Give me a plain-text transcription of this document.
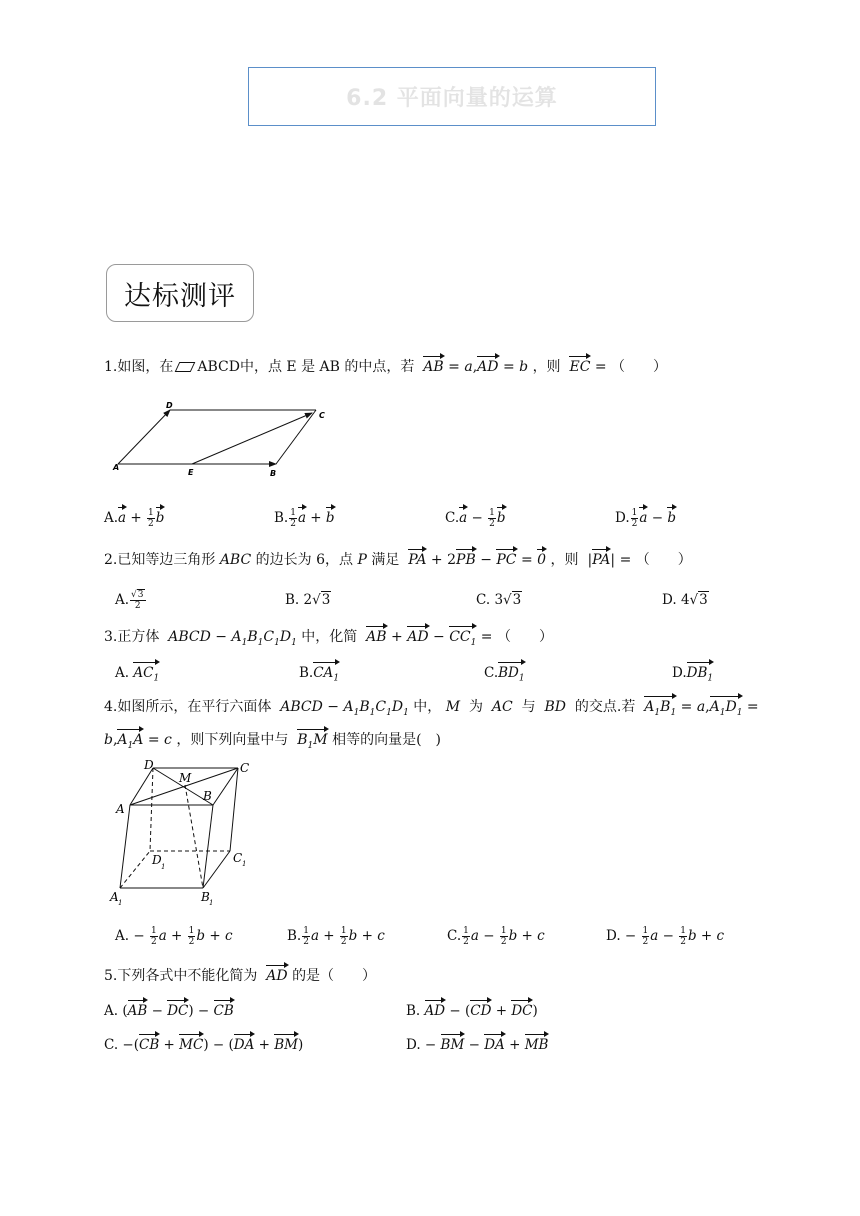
6.2 平面向量的运算
达标测评
1.如图，在 ABCD中，点 E 是 AB 的中点，若 AB = a,AD = b ，则 EC = （　　）
A
B
C
D
E
$A.a + \frac{1}{2}$ b	B. $\frac{1}{2}$ a + b	$C.a - \frac{1}{2}$ b	D. $\frac{1}{2}$ a − b
2.已知等边三角形 ABC 的边长为 6，点 P 满足 PA + 2PB − PC = 0 ，则  |PA| = （　　）
A. $\frac{√3}{2}$	B. 2√3	C. 3√3	D. 4√3
3.正方体  ABCD − $A_1B_1C_1D_1$ 中，化简 AB + AD − $CC_1$ = （　　）
A. $AC_1$	$B.CA_1$	$C.BD_1$	$D.DB_1$
4.如图所示，在平行六面体  ABCD − $A_1B_1C_1D_1$ 中， M 为 AC 与 BD 的交点.若 $A_1B_1 = a,A_1D_1$ =
$b,A_1A = c$ ，则下列向量中与 $B_1M$ 相等的向量是(　)
D
M
C
A
B
D	C
A	B
1	1
1	1
A. − $\frac{1}{2}$ $a + \frac{1}{2}$ b + c	B. $\frac{1}{2}$ $a + \frac{1}{2}$ b + c	C. $\frac{1}{2}$ $a - \frac{1}{2}$ b + c	D. − $\frac{1}{2}$ $a - \frac{1}{2}$ b + c
5.下列各式中不能化简为 AD 的是（　　）
A. (AB − DC) − CB	B. AD − (CD + DC)
C. −(CB + MC) − (DA + BM)	D. − BM − DA + MB
